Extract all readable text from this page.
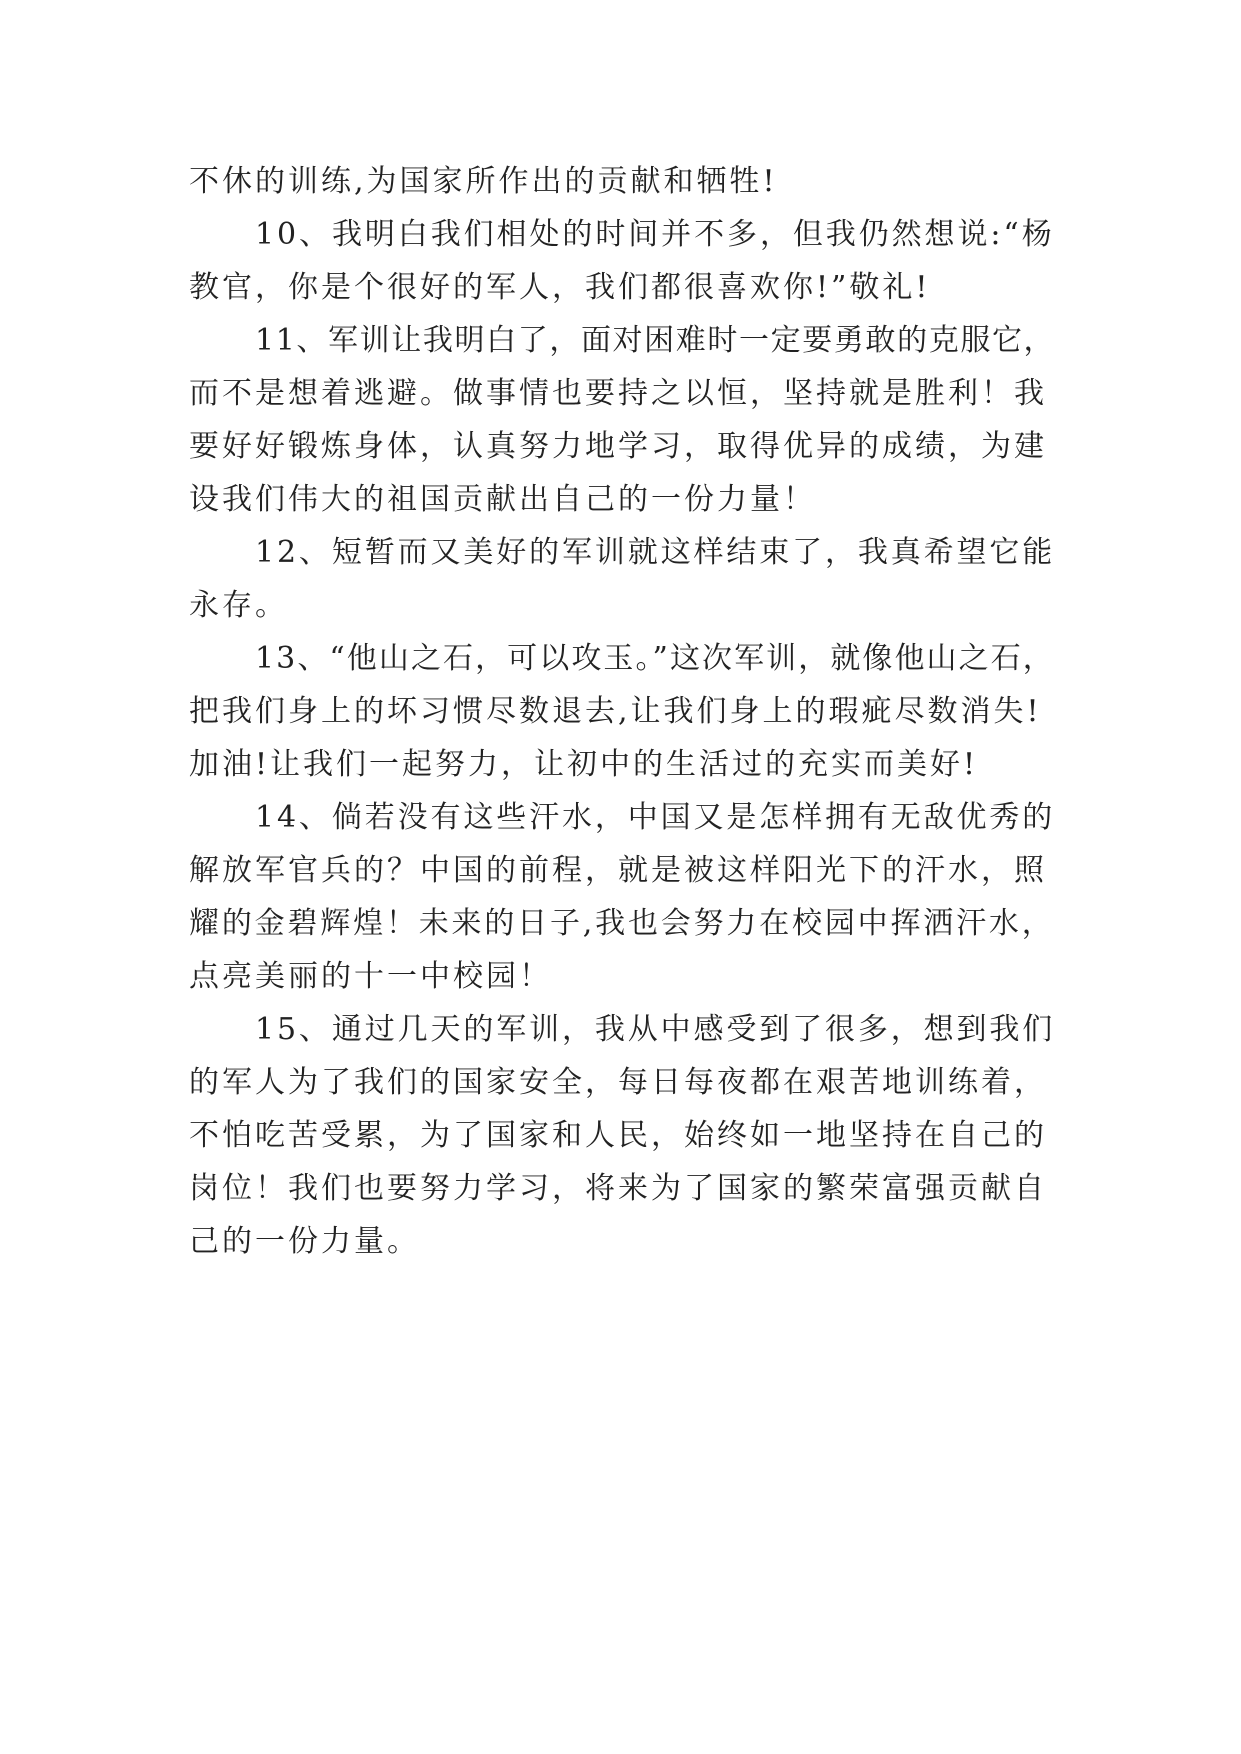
不休的训练,为国家所作出的贡献和牺牲!
10、我明白我们相处的时间并不多，但我仍然想说:“杨
教官，你是个很好的军人，我们都很喜欢你!”敬礼!
11、军训让我明白了，面对困难时一定要勇敢的克服它，
而不是想着逃避。做事情也要持之以恒，坚持就是胜利！我
要好好锻炼身体，认真努力地学习，取得优异的成绩，为建
设我们伟大的祖国贡献出自己的一份力量！
12、短暂而又美好的军训就这样结束了，我真希望它能
永存。
13、“他山之石，可以攻玉。”这次军训，就像他山之石，
把我们身上的坏习惯尽数退去,让我们身上的瑕疵尽数消失!
加油!让我们一起努力，让初中的生活过的充实而美好!
14、倘若没有这些汗水，中国又是怎样拥有无敌优秀的
解放军官兵的？中国的前程，就是被这样阳光下的汗水，照
耀的金碧辉煌！未来的日子,我也会努力在校园中挥洒汗水，
点亮美丽的十一中校园！
15、通过几天的军训，我从中感受到了很多，想到我们
的军人为了我们的国家安全，每日每夜都在艰苦地训练着，
不怕吃苦受累，为了国家和人民，始终如一地坚持在自己的
岗位！我们也要努力学习，将来为了国家的繁荣富强贡献自
己的一份力量。
